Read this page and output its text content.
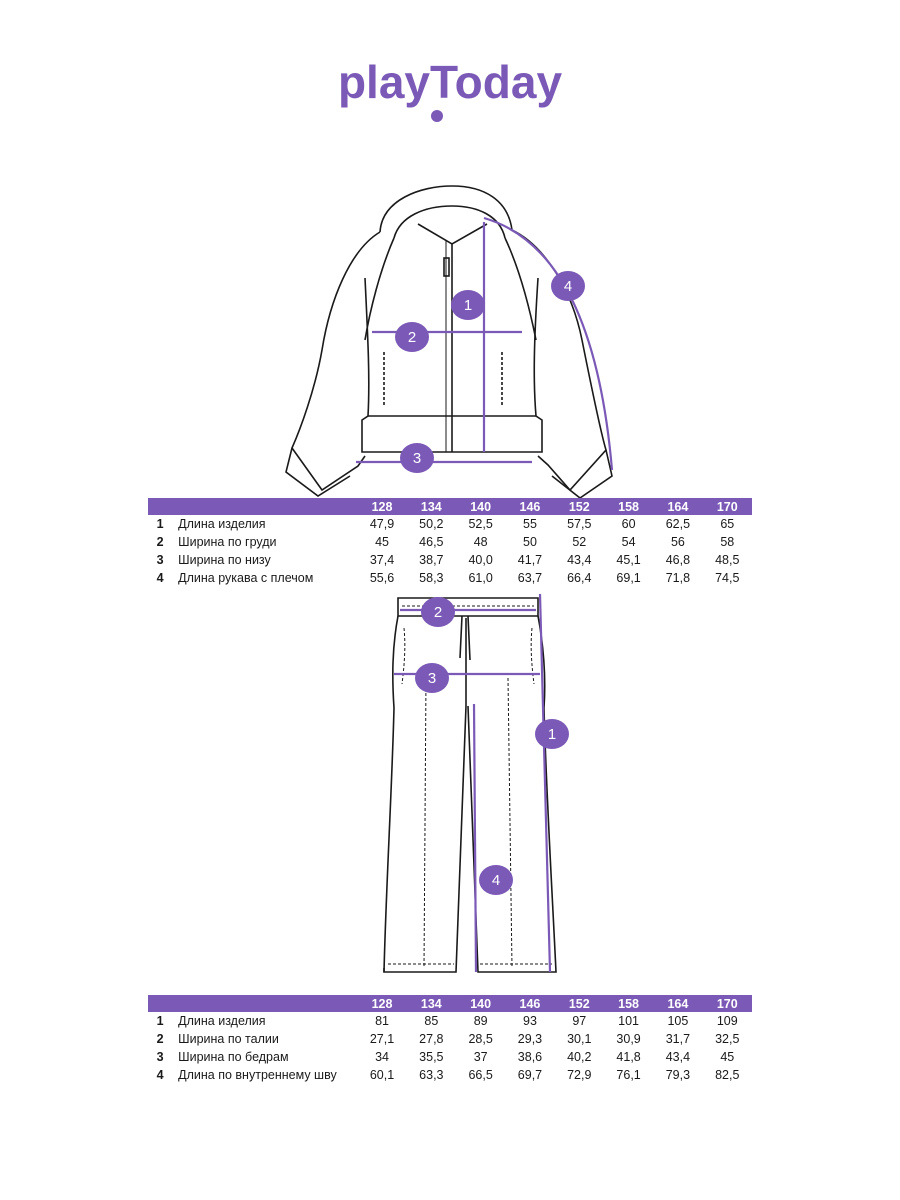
playToday
1
2
3
4
		128	134	140	146	152	158	164	170
1	Длина изделия	47,9	50,2	52,5	55	57,5	60	62,5	65
2	Ширина по груди	45	46,5	48	50	52	54	56	58
3	Ширина по низу	37,4	38,7	40,0	41,7	43,4	45,1	46,8	48,5
4	Длина рукава с плечом	55,6	58,3	61,0	63,7	66,4	69,1	71,8	74,5
1
2
3
4
		128	134	140	146	152	158	164	170
1	Длина изделия	81	85	89	93	97	101	105	109
2	Ширина по талии	27,1	27,8	28,5	29,3	30,1	30,9	31,7	32,5
3	Ширина по бедрам	34	35,5	37	38,6	40,2	41,8	43,4	45
4	Длина по внутреннему шву	60,1	63,3	66,5	69,7	72,9	76,1	79,3	82,5
